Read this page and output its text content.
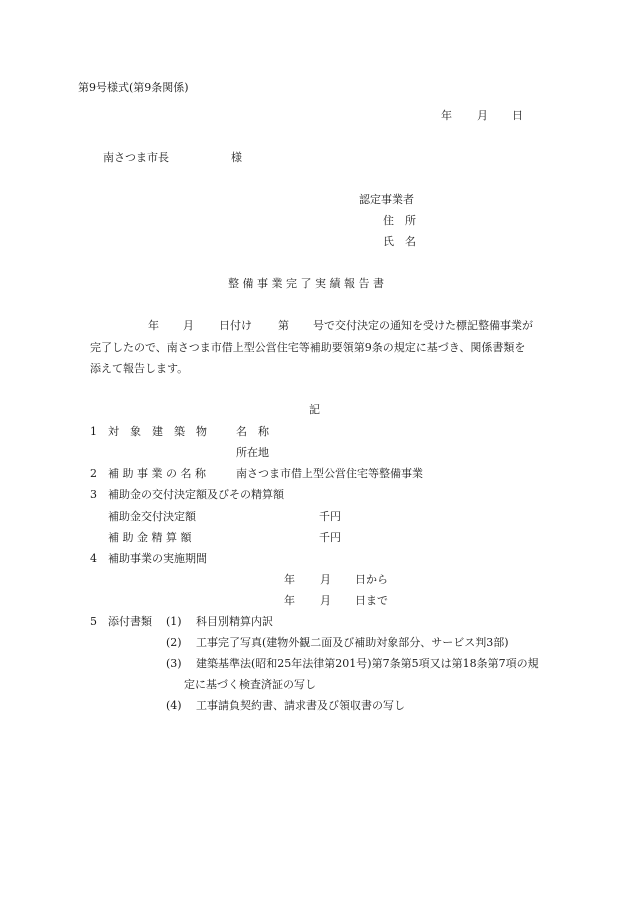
第9号様式(第9条関係)
年 月 日
南さつま市長	様
認定事業者
住　所
氏　名
整 備 事 業 完 了 実 績 報 告 書
年 月 日付け 第 号で交付決定の通知を受けた標記整備事業が
完了したので、南さつま市借上型公営住宅等補助要領第9条の規定に基づき、関係書類を
添えて報告します。
記
1 対　象　建　築　物	名　称
所在地
2 補 助 事 業 の 名 称	南さつま市借上型公営住宅等整備事業
3 補助金の交付決定額及びその精算額
補助金交付決定額	千円
補 助 金 精 算 額	千円
4 補助事業の実施期間
年 月 日から
年 月 日まで
5 添付書類 (1) 科目別精算内訳
(2) 工事完了写真(建物外観二面及び補助対象部分、サービス判3部)
(3) 建築基準法(昭和25年法律第201号)第7条第5項又は第18条第7項の規
定に基づく検査済証の写し
(4) 工事請負契約書、請求書及び領収書の写し
